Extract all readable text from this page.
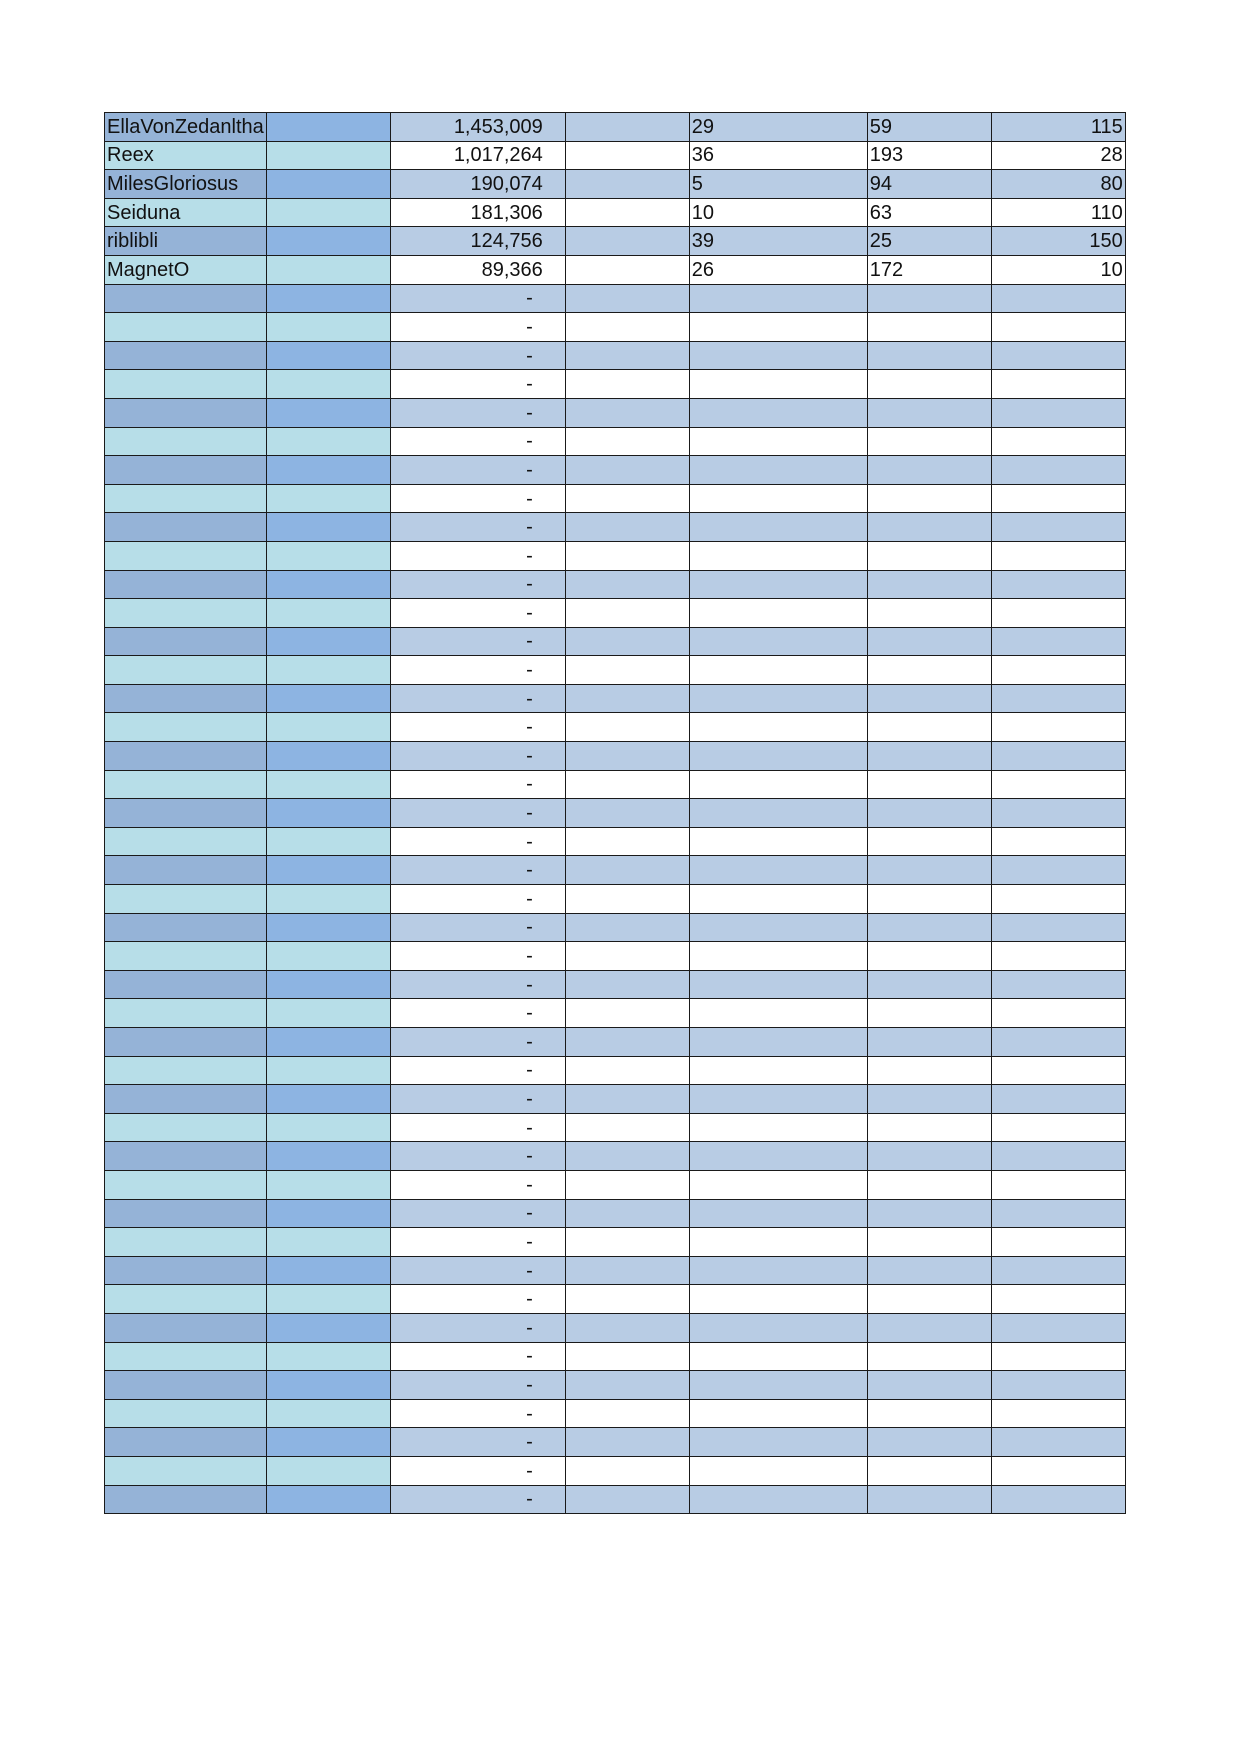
EllaVonZedanltha		1,453,009		29	59	115
Reex		1,017,264		36	193	28
MilesGloriosus		190,074		5	94	80
Seiduna		181,306		10	63	110
riblibli		124,756		39	25	150
MagnetO		89,366		26	172	10
		-				
		-				
		-				
		-				
		-				
		-				
		-				
		-				
		-				
		-				
		-				
		-				
		-				
		-				
		-				
		-				
		-				
		-				
		-				
		-				
		-				
		-				
		-				
		-				
		-				
		-				
		-				
		-				
		-				
		-				
		-				
		-				
		-				
		-				
		-				
		-				
		-				
		-				
		-				
		-				
		-				
		-				
		-				
